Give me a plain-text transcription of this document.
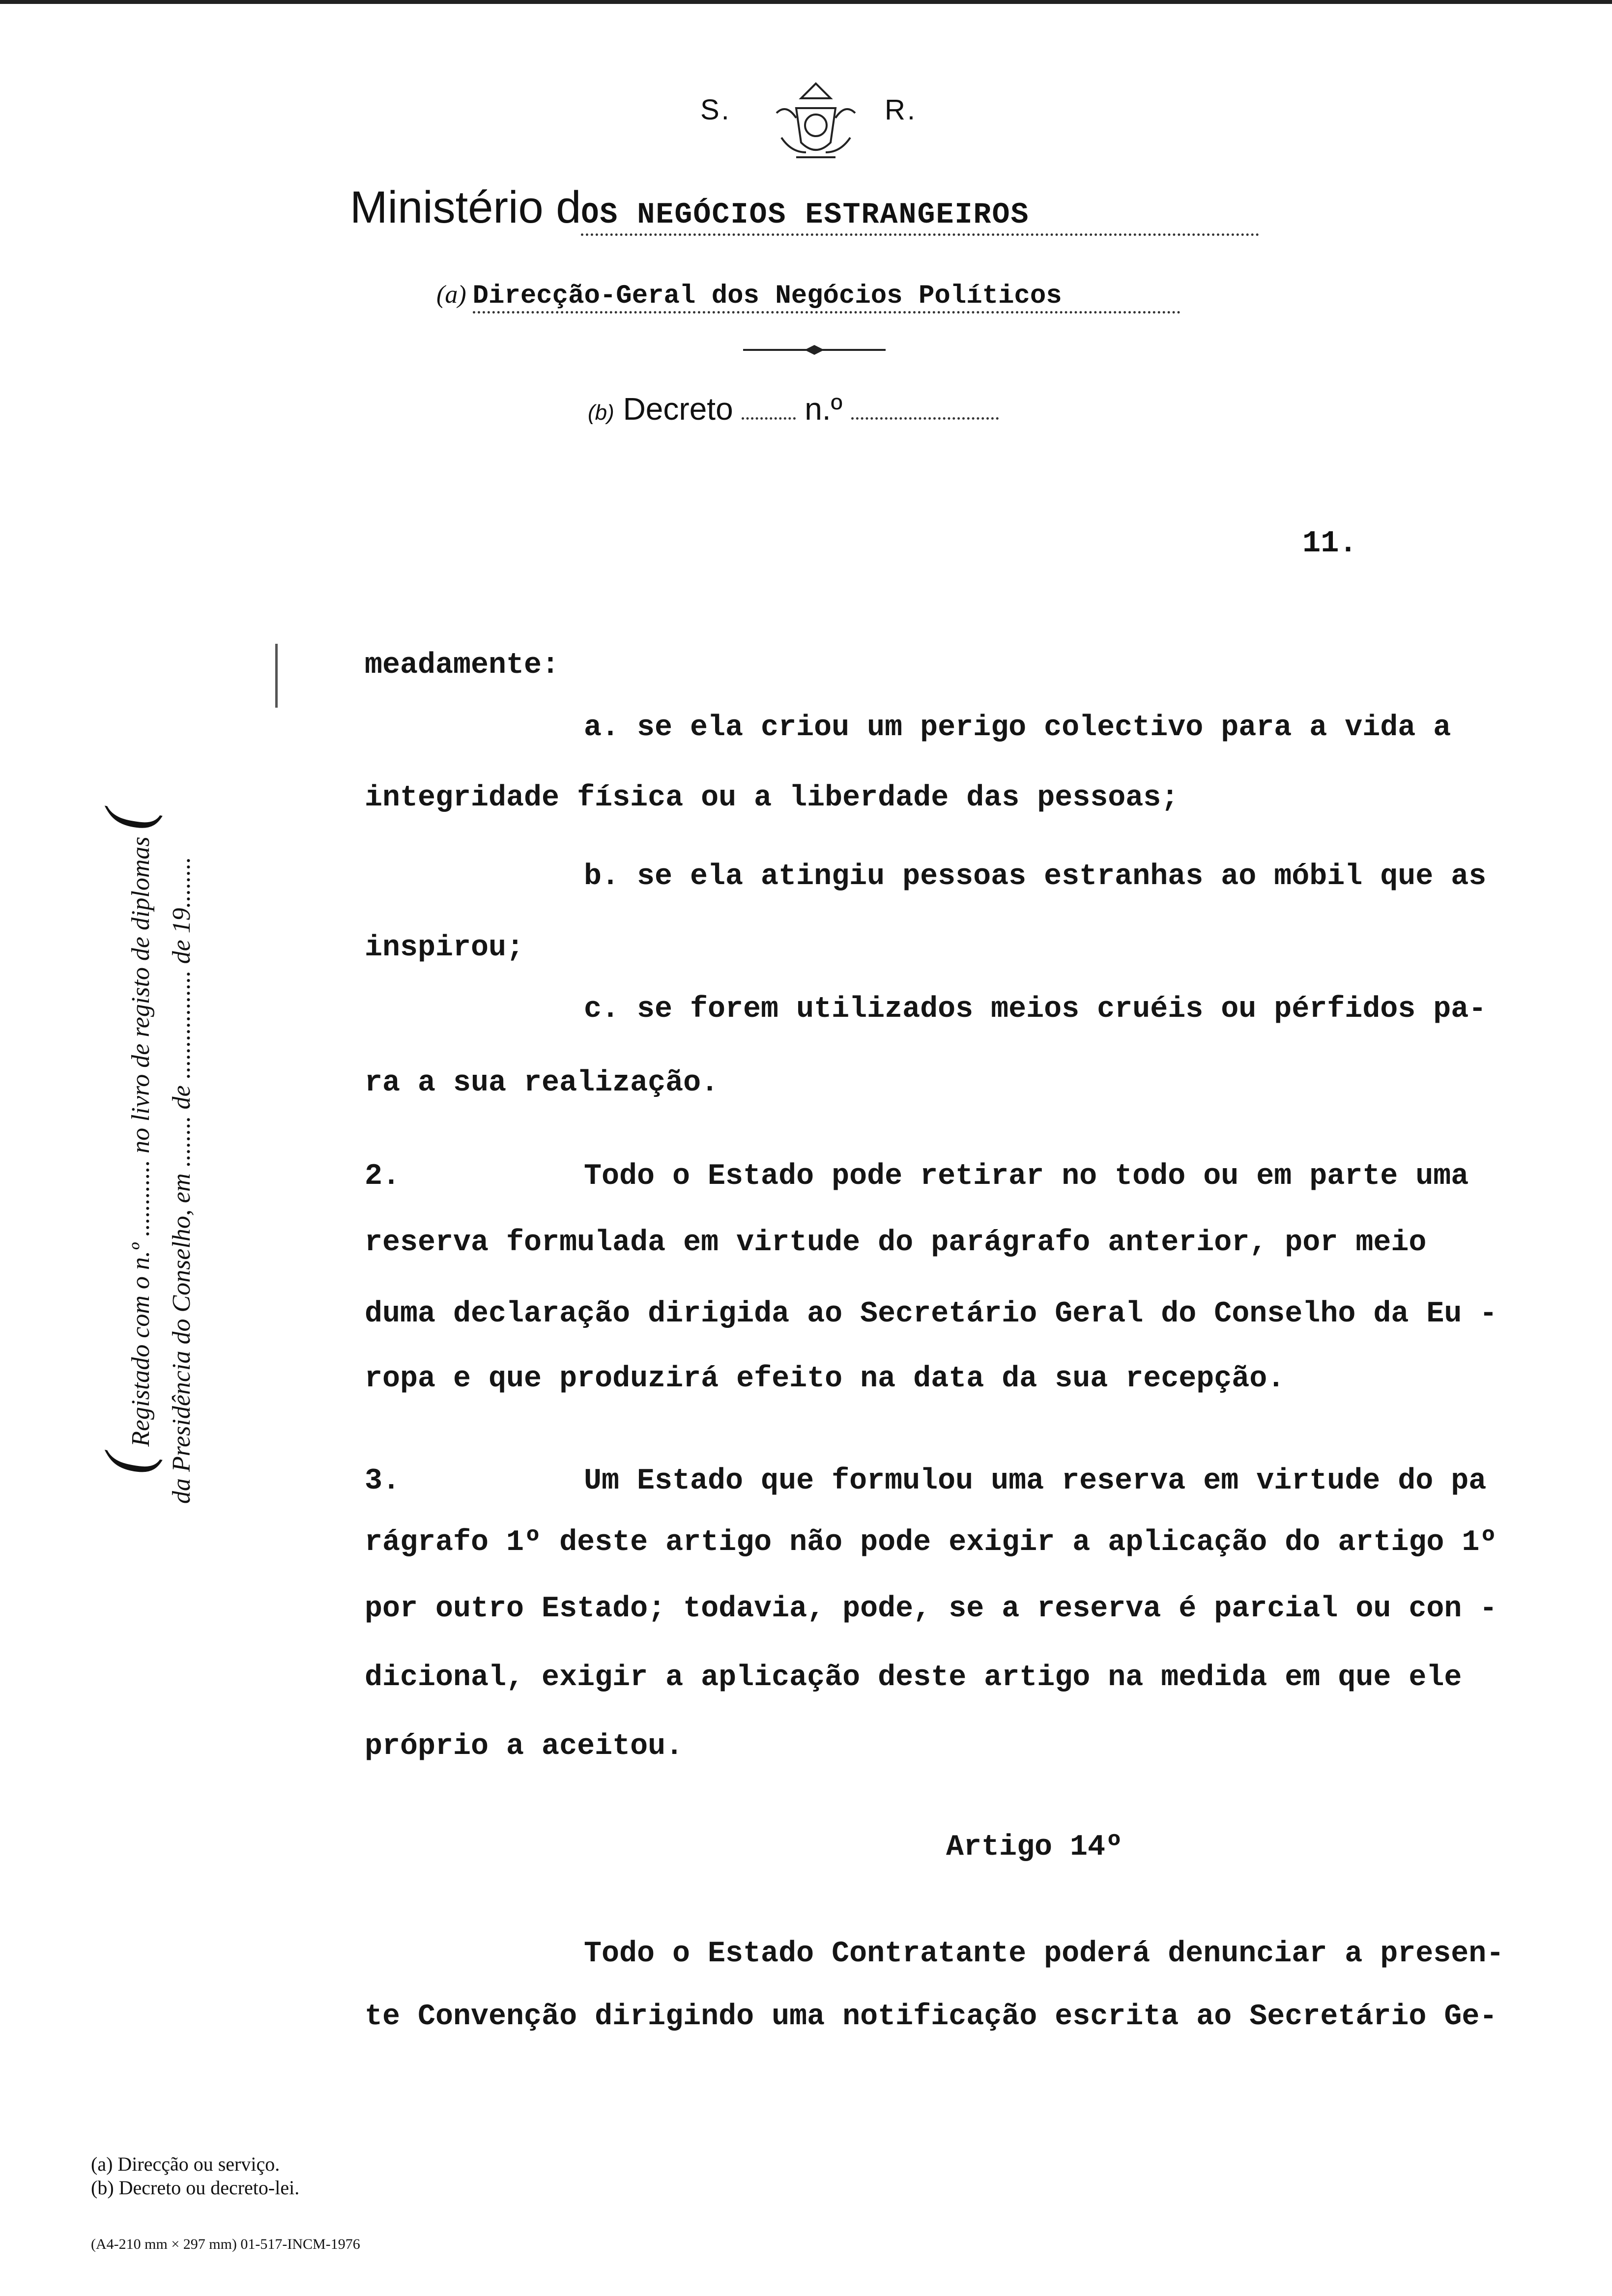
S.	R.
Ministério dOS NEGÓCIOS ESTRANGEIROS
(a) Direcção-Geral dos Negócios Políticos
(b) Decreto n.º
11.
( Registado com o n.º ............ no livro de registo de diplomas (
da Presidência do Conselho, em ........ de ................. de 19........
meadamente:
a. se ela criou um perigo colectivo para a vida a
integridade física ou a liberdade das pessoas;
b. se ela atingiu pessoas estranhas ao móbil que as
inspirou;
c. se forem utilizados meios cruéis ou pérfidos pa-
ra a sua realização.
2.	Todo o Estado pode retirar no todo ou em parte uma
reserva formulada em virtude do parágrafo anterior, por meio
duma declaração dirigida ao Secretário Geral do Conselho da Eu -
ropa e que produzirá efeito na data da sua recepção.
3.	Um Estado que formulou uma reserva em virtude do pa
rágrafo 1º deste artigo não pode exigir a aplicação do artigo 1º
por outro Estado; todavia, pode, se a reserva é parcial ou con -
dicional, exigir a aplicação deste artigo na medida em que ele
próprio a aceitou.
Artigo 14º
Todo o Estado Contratante poderá denunciar a presen-
te Convenção dirigindo uma notificação escrita ao Secretário Ge-
(a) Direcção ou serviço.
(b) Decreto ou decreto-lei.
(A4-210 mm × 297 mm) 01-517-INCM-1976
